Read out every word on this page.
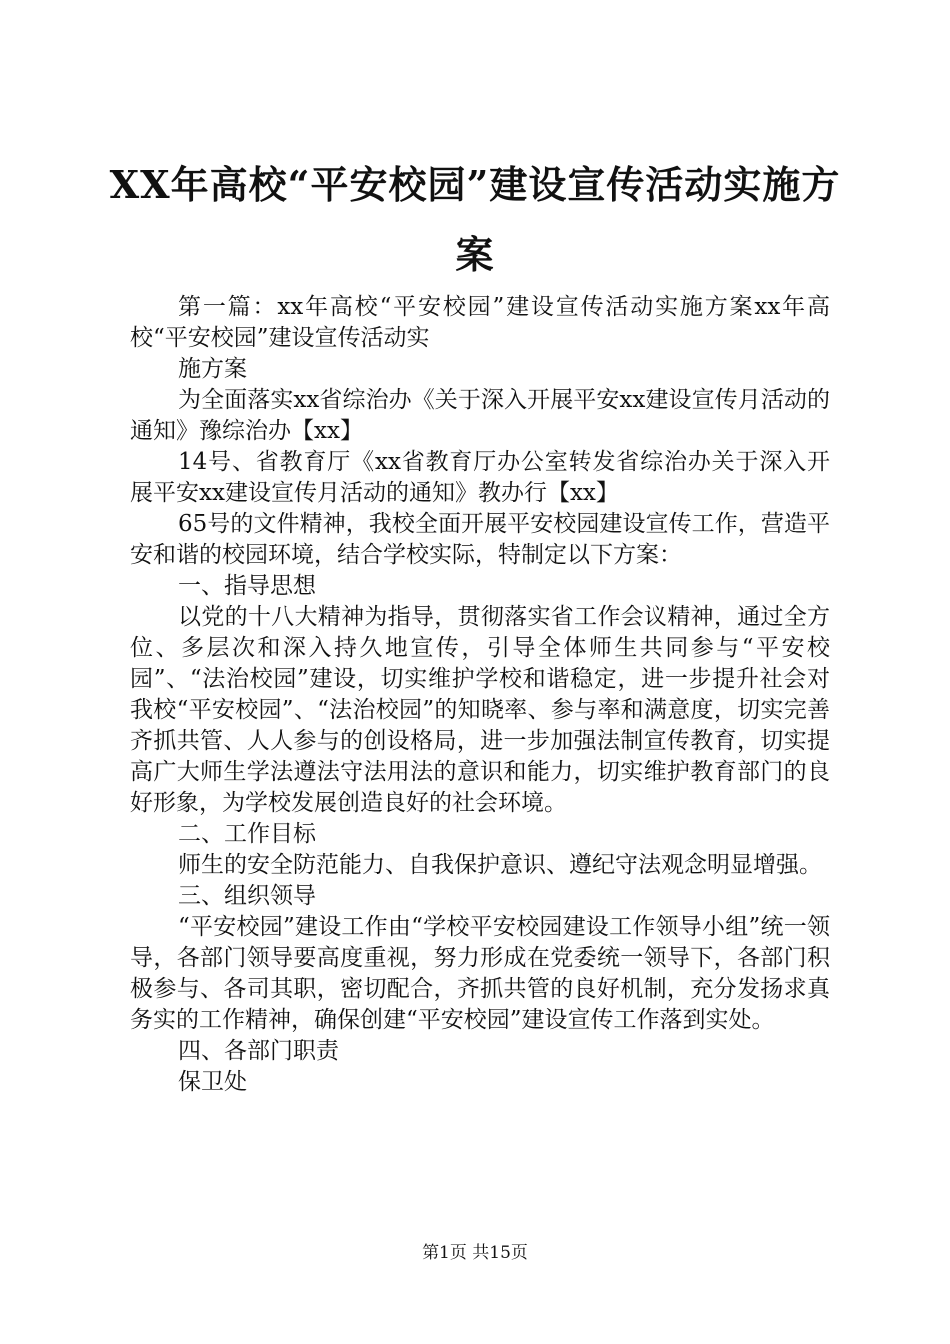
XX年高校“平安校园”建设宣传活动实施方案

第一篇：xx年高校“平安校园”建设宣传活动实施方案xx年高校“平安校园”建设宣传活动实

施方案

为全面落实xx省综治办《关于深入开展平安xx建设宣传月活动的通知》豫综治办【xx】

14号、省教育厅《xx省教育厅办公室转发省综治办关于深入开展平安xx建设宣传月活动的通知》教办行【xx】

65号的文件精神，我校全面开展平安校园建设宣传工作，营造平安和谐的校园环境，结合学校实际，特制定以下方案：

一、指导思想

以党的十八大精神为指导，贯彻落实省工作会议精神，通过全方位、多层次和深入持久地宣传，引导全体师生共同参与“平安校园”、“法治校园”建设，切实维护学校和谐稳定，进一步提升社会对我校“平安校园”、“法治校园”的知晓率、参与率和满意度，切实完善齐抓共管、人人参与的创设格局，进一步加强法制宣传教育，切实提高广大师生学法遵法守法用法的意识和能力，切实维护教育部门的良好形象，为学校发展创造良好的社会环境。

二、工作目标

师生的安全防范能力、自我保护意识、遵纪守法观念明显增强。

三、组织领导

“平安校园”建设工作由“学校平安校园建设工作领导小组”统一领导，各部门领导要高度重视，努力形成在党委统一领导下，各部门积极参与、各司其职，密切配合，齐抓共管的良好机制，充分发扬求真务实的工作精神，确保创建“平安校园”建设宣传工作落到实处。

四、各部门职责

保卫处

第1页 共15页
